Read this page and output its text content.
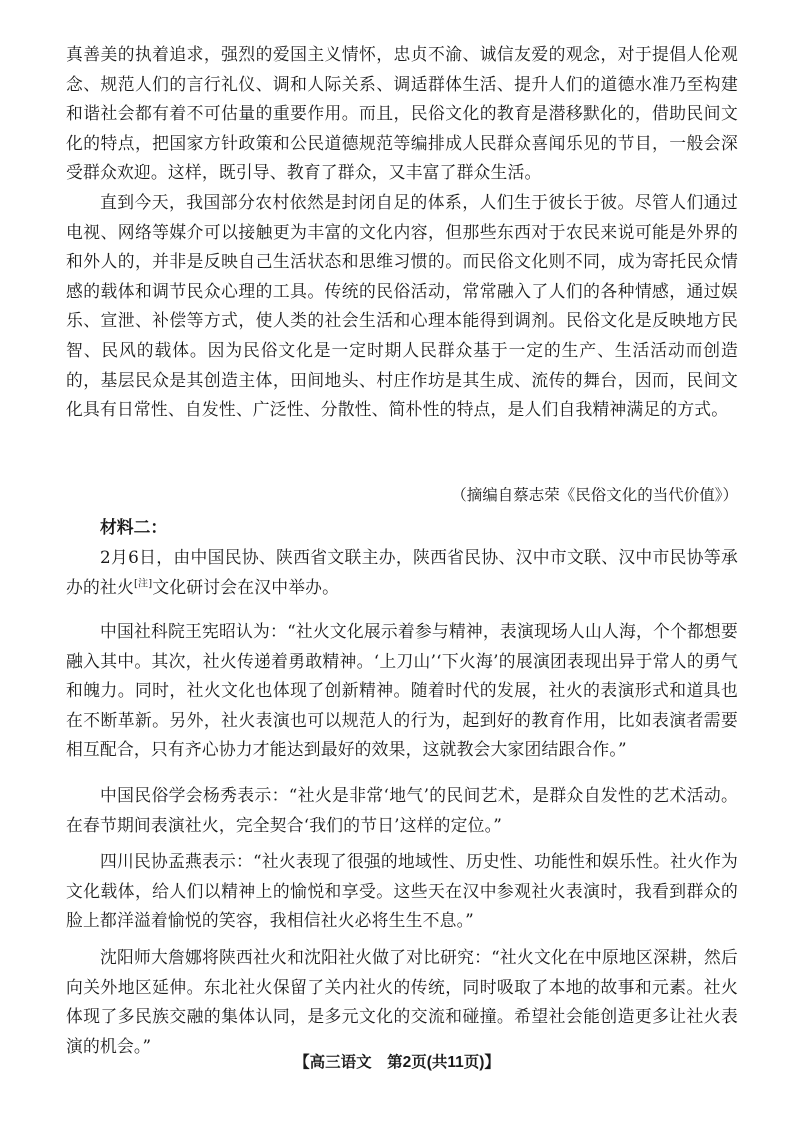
真善美的执着追求，强烈的爱国主义情怀，忠贞不渝、诚信友爱的观念，对于提倡人伦观念、规范人们的言行礼仪、调和人际关系、调适群体生活、提升人们的道德水准乃至构建和谐社会都有着不可估量的重要作用。而且，民俗文化的教育是潜移默化的，借助民间文化的特点，把国家方针政策和公民道德规范等编排成人民群众喜闻乐见的节目，一般会深受群众欢迎。这样，既引导、教育了群众，又丰富了群众生活。
直到今天，我国部分农村依然是封闭自足的体系，人们生于彼长于彼。尽管人们通过电视、网络等媒介可以接触更为丰富的文化内容，但那些东西对于农民来说可能是外界的和外人的，并非是反映自己生活状态和思维习惯的。而民俗文化则不同，成为寄托民众情感的载体和调节民众心理的工具。传统的民俗活动，常常融入了人们的各种情感，通过娱乐、宣泄、补偿等方式，使人类的社会生活和心理本能得到调剂。民俗文化是反映地方民智、民风的载体。因为民俗文化是一定时期人民群众基于一定的生产、生活活动而创造的，基层民众是其创造主体，田间地头、村庄作坊是其生成、流传的舞台，因而，民间文化具有日常性、自发性、广泛性、分散性、简朴性的特点，是人们自我精神满足的方式。
（摘编自蔡志荣《民俗文化的当代价值》）
材料二：
2月6日，由中国民协、陕西省文联主办，陕西省民协、汉中市文联、汉中市民协等承办的社火[注]文化研讨会在汉中举办。
中国社科院王宪昭认为：“社火文化展示着参与精神，表演现场人山人海，个个都想要融入其中。其次，社火传递着勇敢精神。‘上刀山’‘下火海’的展演团表现出异于常人的勇气和魄力。同时，社火文化也体现了创新精神。随着时代的发展，社火的表演形式和道具也在不断革新。另外，社火表演也可以规范人的行为，起到好的教育作用，比如表演者需要相互配合，只有齐心协力才能达到最好的效果，这就教会大家团结跟合作。”
中国民俗学会杨秀表示：“社火是非常‘地气’的民间艺术，是群众自发性的艺术活动。在春节期间表演社火，完全契合‘我们的节日’这样的定位。”
四川民协孟燕表示：“社火表现了很强的地域性、历史性、功能性和娱乐性。社火作为文化载体，给人们以精神上的愉悦和享受。这些天在汉中参观社火表演时，我看到群众的脸上都洋溢着愉悦的笑容，我相信社火必将生生不息。”
沈阳师大詹娜将陕西社火和沈阳社火做了对比研究：“社火文化在中原地区深耕，然后向关外地区延伸。东北社火保留了关内社火的传统，同时吸取了本地的故事和元素。社火体现了多民族交融的集体认同，是多元文化的交流和碰撞。希望社会能创造更多让社火表演的机会。”
【高三语文　第2页(共11页)】
